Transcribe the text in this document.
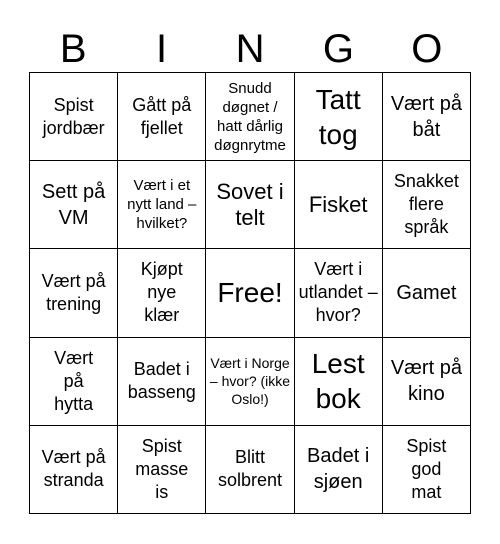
B	I	N	G	O
Spist jordbær
Gått på fjellet
Snudd døgnet / hatt dårlig døgnrytme
Tatt tog
Vært på båt
Sett på VM
Vært i et nytt land – hvilket?
Sovet i telt
Fisket
Snakket flere språk
Vært på trening
Kjøpt nye klær
Free!
Vært i utlandet – hvor?
Gamet
Vært på hytta
Badet i basseng
Vært i Norge – hvor? (ikke Oslo!)
Lest bok
Vært på kino
Vært på stranda
Spist masse is
Blitt solbrent
Badet i sjøen
Spist god mat
